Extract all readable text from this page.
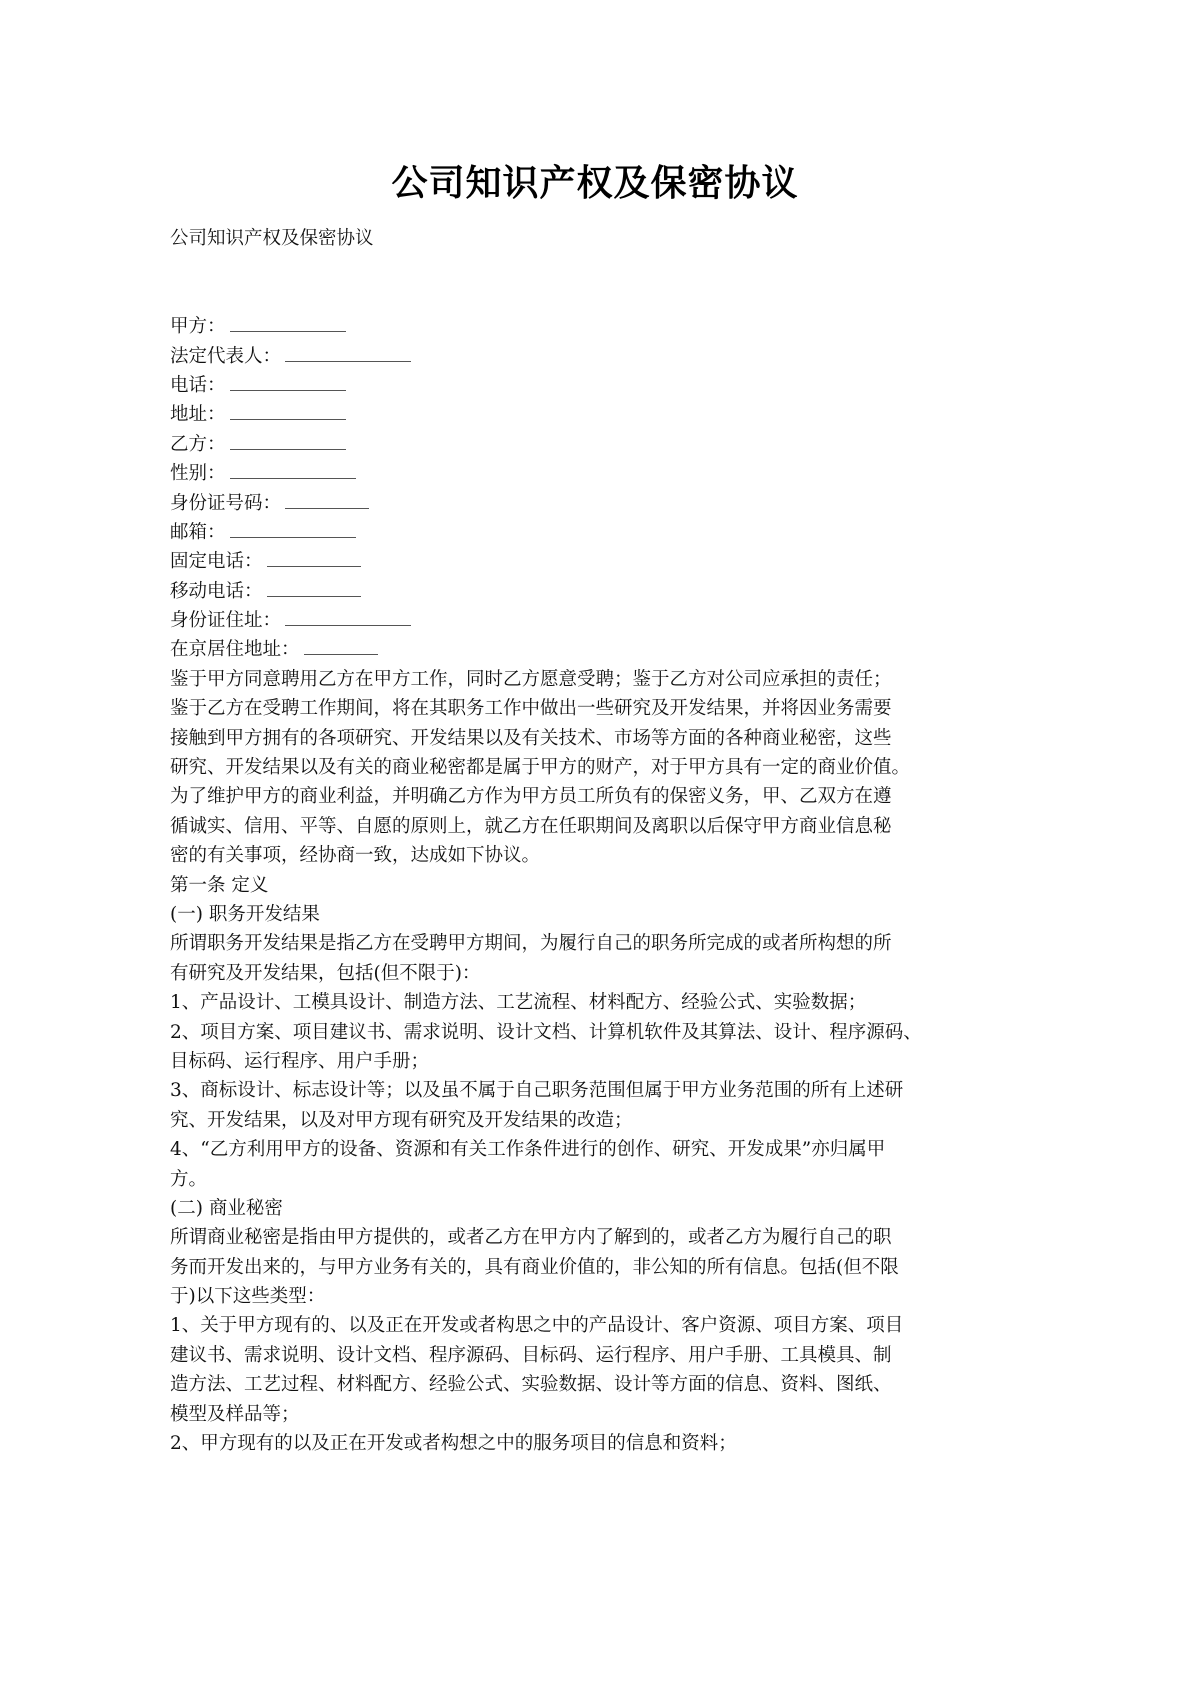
公司知识产权及保密协议
公司知识产权及保密协议
甲方：
法定代表人：
电话：
地址：
乙方：
性别：
身份证号码：
邮箱：
固定电话：
移动电话：
身份证住址：
在京居住地址：
鉴于甲方同意聘用乙方在甲方工作，同时乙方愿意受聘；鉴于乙方对公司应承担的责任；
鉴于乙方在受聘工作期间，将在其职务工作中做出一些研究及开发结果，并将因业务需要
接触到甲方拥有的各项研究、开发结果以及有关技术、市场等方面的各种商业秘密，这些
研究、开发结果以及有关的商业秘密都是属于甲方的财产，对于甲方具有一定的商业价值。
为了维护甲方的商业利益，并明确乙方作为甲方员工所负有的保密义务，甲、乙双方在遵
循诚实、信用、平等、自愿的原则上，就乙方在任职期间及离职以后保守甲方商业信息秘
密的有关事项，经协商一致，达成如下协议。
第一条 定义
(一) 职务开发结果
所谓职务开发结果是指乙方在受聘甲方期间，为履行自己的职务所完成的或者所构想的所
有研究及开发结果，包括(但不限于)：
1、产品设计、工模具设计、制造方法、工艺流程、材料配方、经验公式、实验数据；
2、项目方案、项目建议书、需求说明、设计文档、计算机软件及其算法、设计、程序源码、
目标码、运行程序、用户手册；
3、商标设计、标志设计等；以及虽不属于自己职务范围但属于甲方业务范围的所有上述研
究、开发结果，以及对甲方现有研究及开发结果的改造；
4、“乙方利用甲方的设备、资源和有关工作条件进行的创作、研究、开发成果”亦归属甲
方。
(二) 商业秘密
所谓商业秘密是指由甲方提供的，或者乙方在甲方内了解到的，或者乙方为履行自己的职
务而开发出来的，与甲方业务有关的，具有商业价值的，非公知的所有信息。包括(但不限
于)以下这些类型：
1、关于甲方现有的、以及正在开发或者构思之中的产品设计、客户资源、项目方案、项目
建议书、需求说明、设计文档、程序源码、目标码、运行程序、用户手册、工具模具、制
造方法、工艺过程、材料配方、经验公式、实验数据、设计等方面的信息、资料、图纸、
模型及样品等；
2、甲方现有的以及正在开发或者构想之中的服务项目的信息和资料；
